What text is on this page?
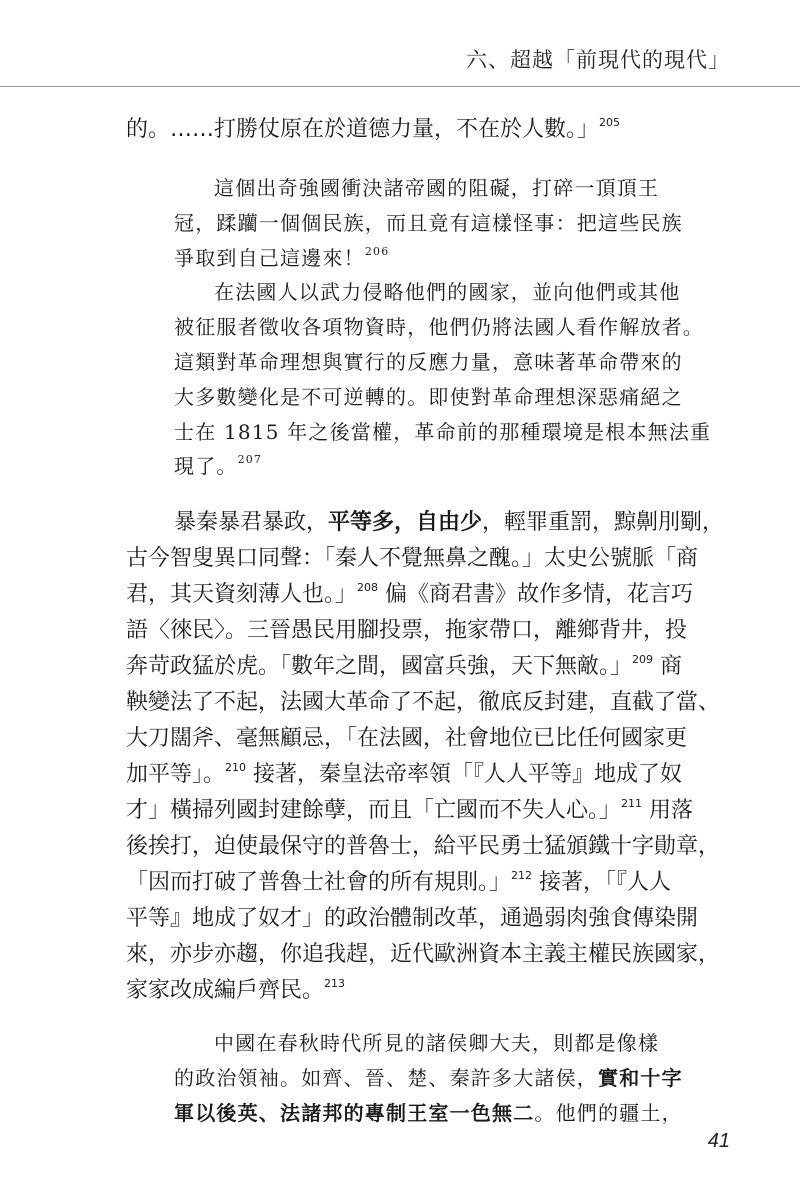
六、超越「前現代的現代」
的。……打勝仗原在於道德力量，不在於人數。」$^{205}$
這個出奇強國衝決諸帝國的阻礙，打碎一頂頂王
冠，蹂躪一個個民族，而且竟有這樣怪事：把這些民族
爭取到自己這邊來！$^{206}$
在法國人以武力侵略他們的國家，並向他們或其他
被征服者徵收各項物資時，他們仍將法國人看作解放者。
這類對革命理想與實行的反應力量，意味著革命帶來的
大多數變化是不可逆轉的。即使對革命理想深惡痛絕之
士在 1815 年之後當權，革命前的那種環境是根本無法重
現了。$^{207}$
暴秦暴君暴政，平等多，自由少，輕罪重罰，黥劓刖劅，
古今智叟異口同聲：「秦人不覺無鼻之醜。」太史公號脈「商
君，其天資刻薄人也。」$^{208}$ 偏《商君書》故作多情，花言巧
語〈徠民〉。三晉愚民用腳投票，拖家帶口，離鄉背井，投
奔苛政猛於虎。「數年之間，國富兵強，天下無敵。」$^{209}$ 商
鞅變法了不起，法國大革命了不起，徹底反封建，直截了當、
大刀闊斧、毫無顧忌，「在法國，社會地位已比任何國家更
加平等」。$^{210}$ 接著，秦皇法帝率領「『人人平等』地成了奴
才」橫掃列國封建餘孽，而且「亡國而不失人心。」$^{211}$ 用落
後挨打，迫使最保守的普魯士，給平民勇士猛頒鐵十字勛章，
「因而打破了普魯士社會的所有規則。」$^{212}$ 接著，「『人人
平等』地成了奴才」的政治體制改革，通過弱肉強食傳染開
來，亦步亦趨，你追我趕，近代歐洲資本主義主權民族國家，
家家改成編戶齊民。$^{213}$
中國在春秋時代所見的諸侯卿大夫，則都是像樣
的政治領袖。如齊、晉、楚、秦許多大諸侯，實和十字
軍以後英、法諸邦的專制王室一色無二。他們的疆土，
41
